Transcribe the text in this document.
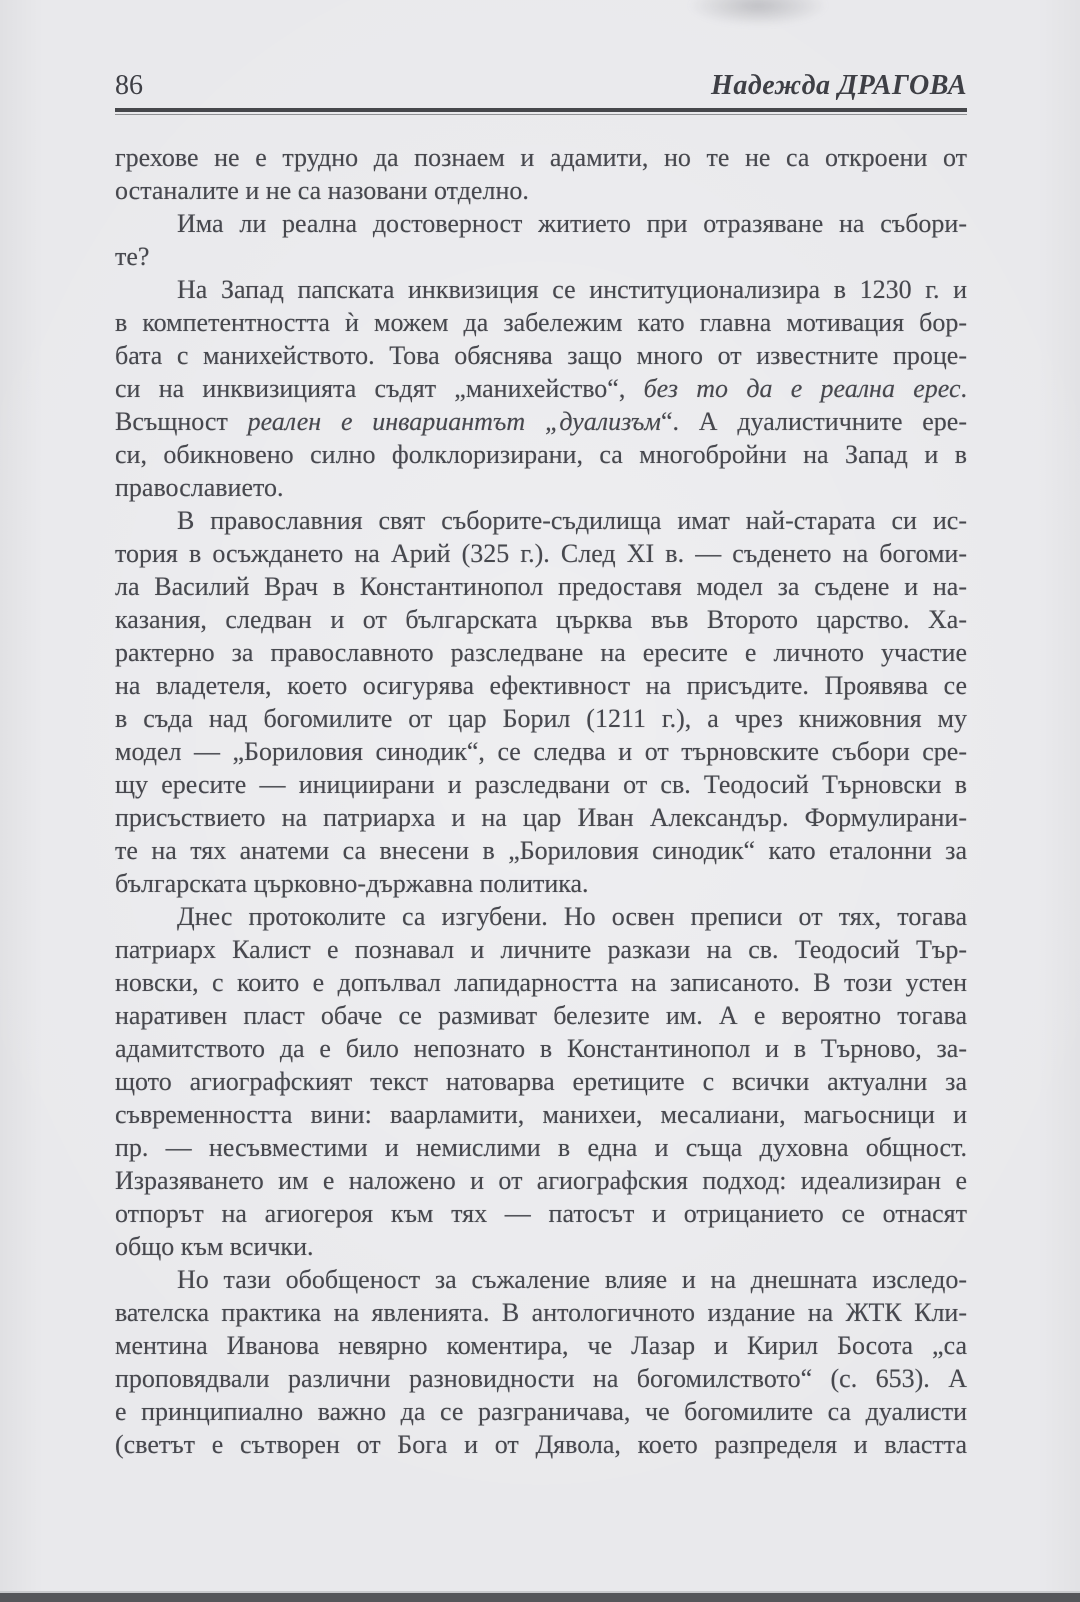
86	Надежда ДРАГОВА
грехове не е трудно да познаем и адамити, но те не са откроени от
останалите и не са назовани отделно.
Има ли реална достоверност житието при отразяване на събори-
те?
На Запад папската инквизиция се институционализира в 1230 г. и
в компетентността ѝ можем да забележим като главна мотивация бор-
бата с манихейството. Това обяснява защо много от известните проце-
си на инквизицията съдят „манихейство“, без то да е реална ерес.
Всъщност реален е инвариантът „дуализъм“. А дуалистичните ере-
си, обикновено силно фолклоризирани, са многобройни на Запад и в
православието.
В православния свят съборите-съдилища имат най-старата си ис-
тория в осъждането на Арий (325 г.). След XI в. — съденето на богоми-
ла Василий Врач в Константинопол предоставя модел за съдене и на-
казания, следван и от българската църква във Второто царство. Ха-
рактерно за православното разследване на ересите е личното участие
на владетеля, което осигурява ефективност на присъдите. Проявява се
в съда над богомилите от цар Борил (1211 г.), а чрез книжовния му
модел — „Бориловия синодик“, се следва и от търновските събори сре-
щу ересите — инициирани и разследвани от св. Теодосий Търновски в
присъствието на патриарха и на цар Иван Александър. Формулирани-
те на тях анатеми са внесени в „Бориловия синодик“ като еталонни за
българската църковно-държавна политика.
Днес протоколите са изгубени. Но освен преписи от тях, тогава
патриарх Калист е познавал и личните разкази на св. Теодосий Тър-
новски, с които е допълвал лапидарността на записаното. В този устен
наративен пласт обаче се размиват белезите им. А е вероятно тогава
адамитството да е било непознато в Константинопол и в Търново, за-
щото агиографският текст натоварва еретиците с всички актуални за
съвременността вини: ваарламити, манихеи, месалиани, магьосници и
пр. — несъвместими и немислими в една и съща духовна общност.
Изразяването им е наложено и от агиографския подход: идеализиран е
отпорът на агиогероя към тях — патосът и отрицанието се отнасят
общо към всички.
Но тази обобщеност за съжаление влияе и на днешната изследо-
вателска практика на явленията. В антологичното издание на ЖТК Кли-
ментина Иванова невярно коментира, че Лазар и Кирил Босота „са
проповядвали различни разновидности на богомилството“ (с. 653). А
е принципиално важно да се разграничава, че богомилите са дуалисти
(светът е сътворен от Бога и от Дявола, което разпределя и властта
